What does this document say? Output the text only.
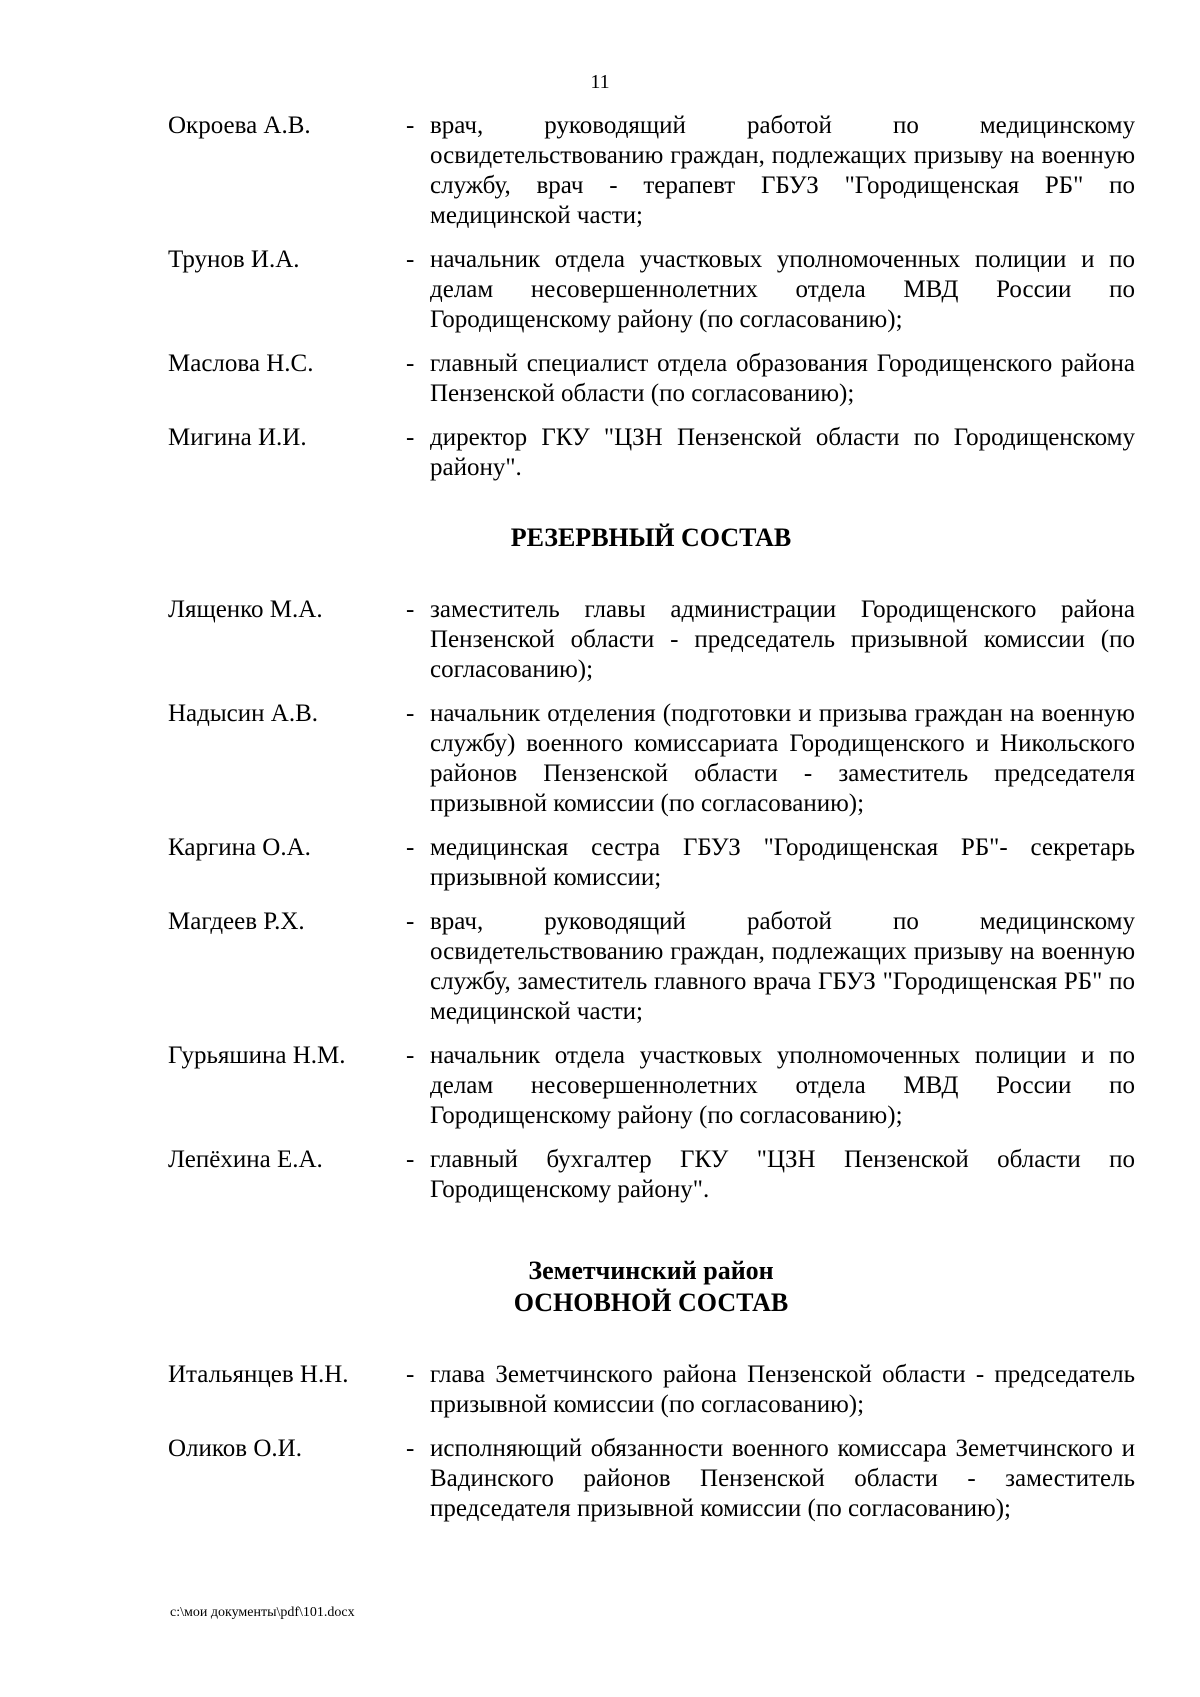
11
Окроева А.В.	- врач, руководящий работой по медицинскому освидетельствованию граждан, подлежащих призыву на военную службу, врач - терапевт ГБУЗ "Городищенская РБ" по медицинской части;
Трунов И.А.	- начальник отдела участковых уполномоченных полиции и по делам несовершеннолетних отдела МВД России по Городищенскому району (по согласованию);
Маслова Н.С.	- главный специалист отдела образования Городищенского района Пензенской области (по согласованию);
Мигина И.И.	- директор ГКУ "ЦЗН Пензенской области по Городищенскому району".
РЕЗЕРВНЫЙ СОСТАВ
Лященко М.А.	- заместитель главы администрации Городищенского района Пензенской области - председатель призывной комиссии (по согласованию);
Надысин А.В.	- начальник отделения (подготовки и призыва граждан на военную службу) военного комиссариата Городищенского и Никольского районов Пензенской области - заместитель председателя призывной комиссии (по согласованию);
Каргина О.А.	- медицинская сестра ГБУЗ "Городищенская РБ"- секретарь призывной комиссии;
Магдеев Р.Х.	- врач, руководящий работой по медицинскому освидетельствованию граждан, подлежащих призыву на военную службу, заместитель главного врача ГБУЗ "Городищенская РБ" по медицинской части;
Гурьяшина Н.М.	- начальник отдела участковых уполномоченных полиции и по делам несовершеннолетних отдела МВД России по Городищенскому району (по согласованию);
Лепёхина Е.А.	- главный бухгалтер ГКУ "ЦЗН Пензенской области по Городищенскому району".
Земетчинский район
ОСНОВНОЙ СОСТАВ
Итальянцев Н.Н.	- глава Земетчинского района Пензенской области - председатель призывной комиссии (по согласованию);
Оликов О.И.	- исполняющий обязанности военного комиссара Земетчинского и Вадинского районов Пензенской области - заместитель председателя призывной комиссии (по согласованию);
c:\мои документы\pdf\101.docx
